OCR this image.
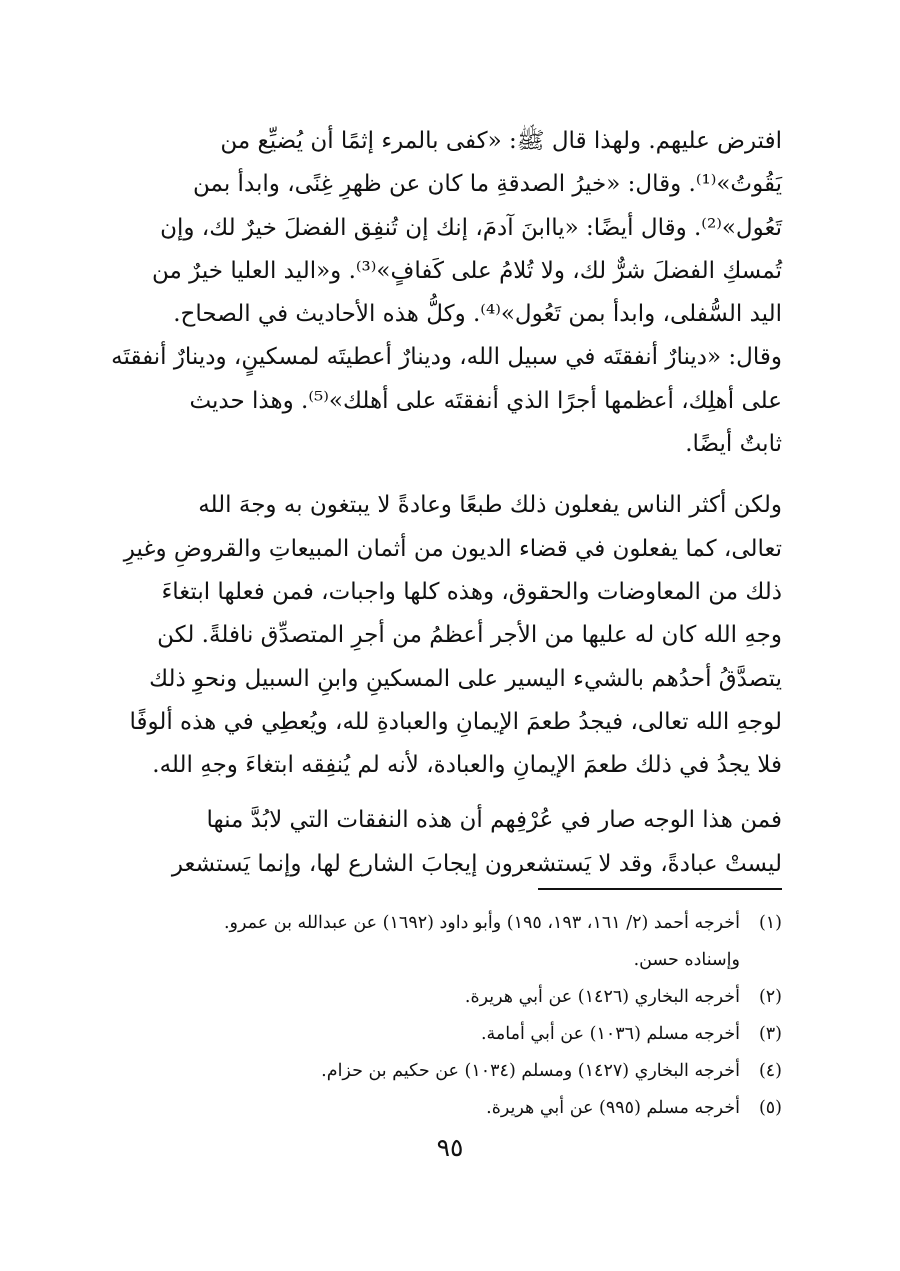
افترض عليهم. ولهذا قال ﷺ: «كفى بالمرء إثمًا أن يُضيِّع من
يَقُوتُ»⁽¹⁾. وقال: «خيرُ الصدقةِ ما كان عن ظهرِ غِنًى، وابدأ بمن
تَعُول»⁽²⁾. وقال أيضًا: «ياابنَ آدمَ، إنك إن تُنفِق الفضلَ خيرٌ لك، وإن
تُمسكِ الفضلَ شرٌّ لك، ولا تُلامُ على كَفافٍ»⁽³⁾. و«اليد العليا خيرٌ من
اليد السُّفلى، وابدأ بمن تَعُول»⁽⁴⁾. وكلُّ هذه الأحاديث في الصحاح.
وقال: «دينارٌ أنفقتَه في سبيل الله، ودينارٌ أعطيتَه لمسكينٍ، ودينارٌ أنفقتَه
على أهلِك، أعظمها أجرًا الذي أنفقتَه على أهلك»⁽⁵⁾. وهذا حديث
ثابتٌ أيضًا.
ولكن أكثر الناس يفعلون ذلك طبعًا وعادةً لا يبتغون به وجهَ الله
تعالى، كما يفعلون في قضاء الديون من أثمان المبيعاتِ والقروضِ وغيرِ
ذلك من المعاوضات والحقوق، وهذه كلها واجبات، فمن فعلها ابتغاءَ
وجهِ الله كان له عليها من الأجر أعظمُ من أجرِ المتصدِّق نافلةً. لكن
يتصدَّقُ أحدُهم بالشيء اليسير على المسكينِ وابنِ السبيل ونحوِ ذلك
لوجهِ الله تعالى، فيجدُ طعمَ الإيمانِ والعبادةِ لله، ويُعطِي في هذه ألوفًا
فلا يجدُ في ذلك طعمَ الإيمانِ والعبادة، لأنه لم يُنفِقه ابتغاءَ وجهِ الله.
فمن هذا الوجه صار في عُرْفِهم أن هذه النفقات التي لابُدَّ منها
ليستْ عبادةً، وقد لا يَستشعرون إيجابَ الشارع لها، وإنما يَستشعر
(١)
أخرجه أحمد (٢/ ١٦١، ١٩٣، ١٩٥) وأبو داود (١٦٩٢) عن عبدالله بن عمرو.
وإسناده حسن.
(٢)
أخرجه البخاري (١٤٢٦) عن أبي هريرة.
(٣)
أخرجه مسلم (١٠٣٦) عن أبي أمامة.
(٤)
أخرجه البخاري (١٤٢٧) ومسلم (١٠٣٤) عن حكيم بن حزام.
(٥)
أخرجه مسلم (٩٩٥) عن أبي هريرة.
٩٥
